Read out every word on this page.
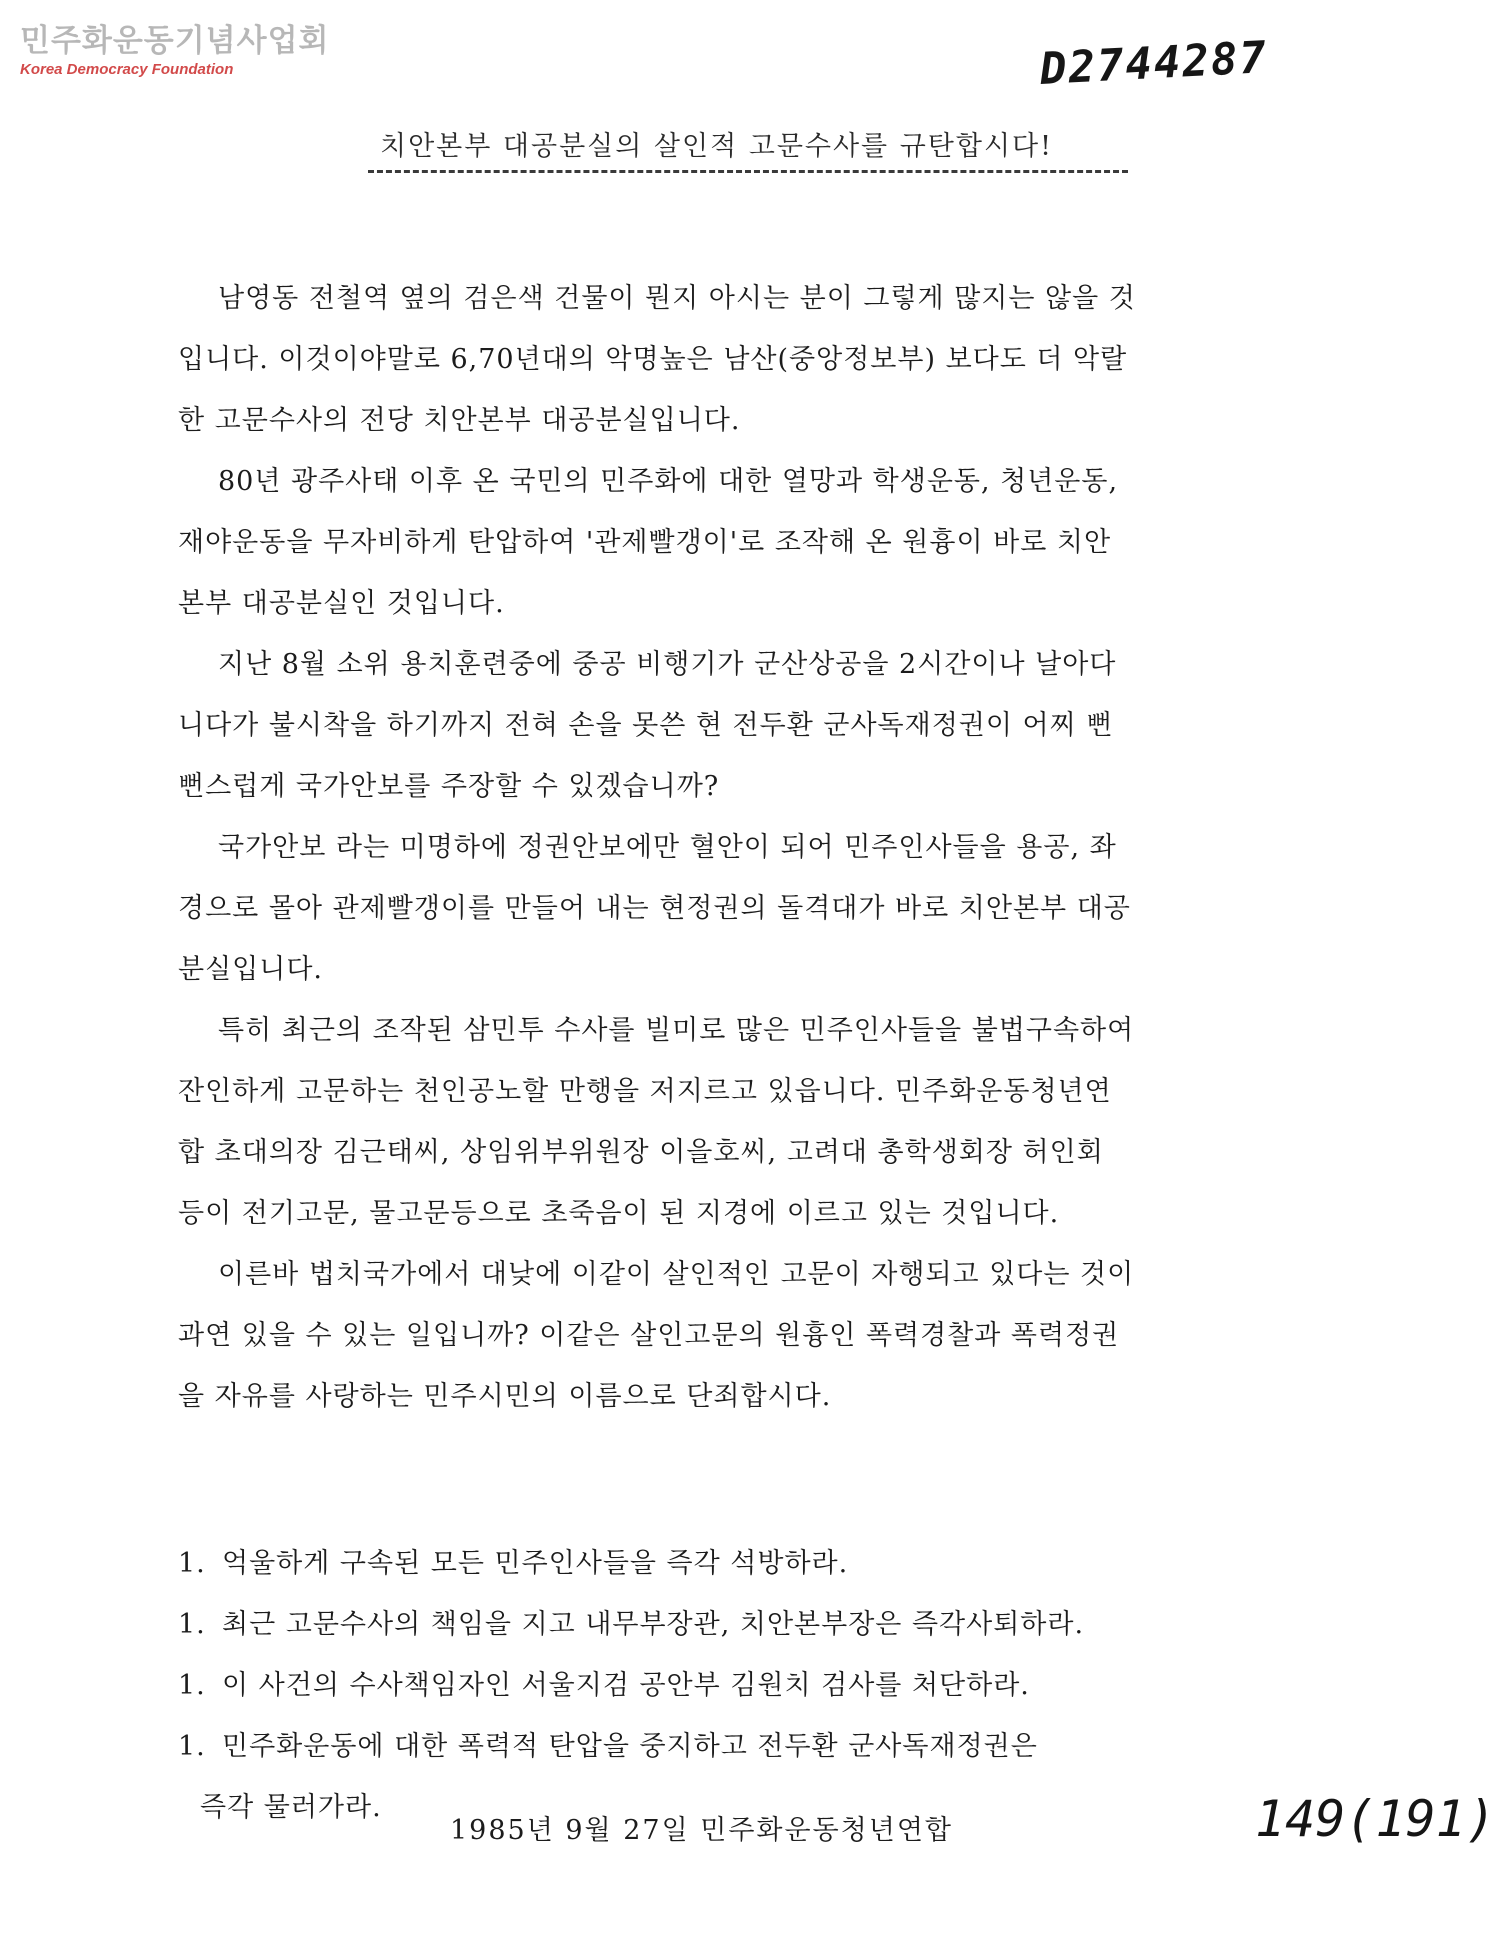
민주화운동기념사업회
Korea Democracy Foundation	D2744287
치안본부 대공분실의 살인적 고문수사를 규탄합시다!

남영동 전철역 옆의 검은색 건물이 뭔지 아시는 분이 그렇게 많지는 않을 것입니다. 이것이야말로 6,70년대의 악명높은 남산(중앙정보부) 보다도 더 악랄한 고문수사의 전당 치안본부 대공분실입니다.

80년 광주사태 이후 온 국민의 민주화에 대한 열망과 학생운동, 청년운동, 재야운동을 무자비하게 탄압하여 '관제빨갱이'로 조작해 온 원흉이 바로 치안본부 대공분실인 것입니다.

지난 8월 소위 용치훈련중에 중공 비행기가 군산상공을 2시간이나 날아다니다가 불시착을 하기까지 전혀 손을 못쓴 현 전두환 군사독재정권이 어찌 뻔뻔스럽게 국가안보를 주장할 수 있겠습니까?

국가안보 라는 미명하에 정권안보에만 혈안이 되어 민주인사들을 용공, 좌경으로 몰아 관제빨갱이를 만들어 내는 현정권의 돌격대가 바로 치안본부 대공분실입니다.

특히 최근의 조작된 삼민투 수사를 빌미로 많은 민주인사들을 불법구속하여 잔인하게 고문하는 천인공노할 만행을 저지르고 있읍니다. 민주화운동청년연합 초대의장 김근태씨, 상임위부위원장 이을호씨, 고려대 총학생회장 허인회 등이 전기고문, 물고문등으로 초죽음이 된 지경에 이르고 있는 것입니다.

이른바 법치국가에서 대낮에 이같이 살인적인 고문이 자행되고 있다는 것이 과연 있을 수 있는 일입니까? 이같은 살인고문의 원흉인 폭력경찰과 폭력정권을 자유를 사랑하는 민주시민의 이름으로 단죄합시다.

1. 억울하게 구속된 모든 민주인사들을 즉각 석방하라.
1. 최근 고문수사의 책임을 지고 내무부장관, 치안본부장은 즉각사퇴하라.
1. 이 사건의 수사책임자인 서울지검 공안부 김원치 검사를 처단하라.
1. 민주화운동에 대한 폭력적 탄압을 중지하고 전두환 군사독재정권은
즉각 물러가라.
1985년 9월 27일 민주화운동청년연합	149(191)
